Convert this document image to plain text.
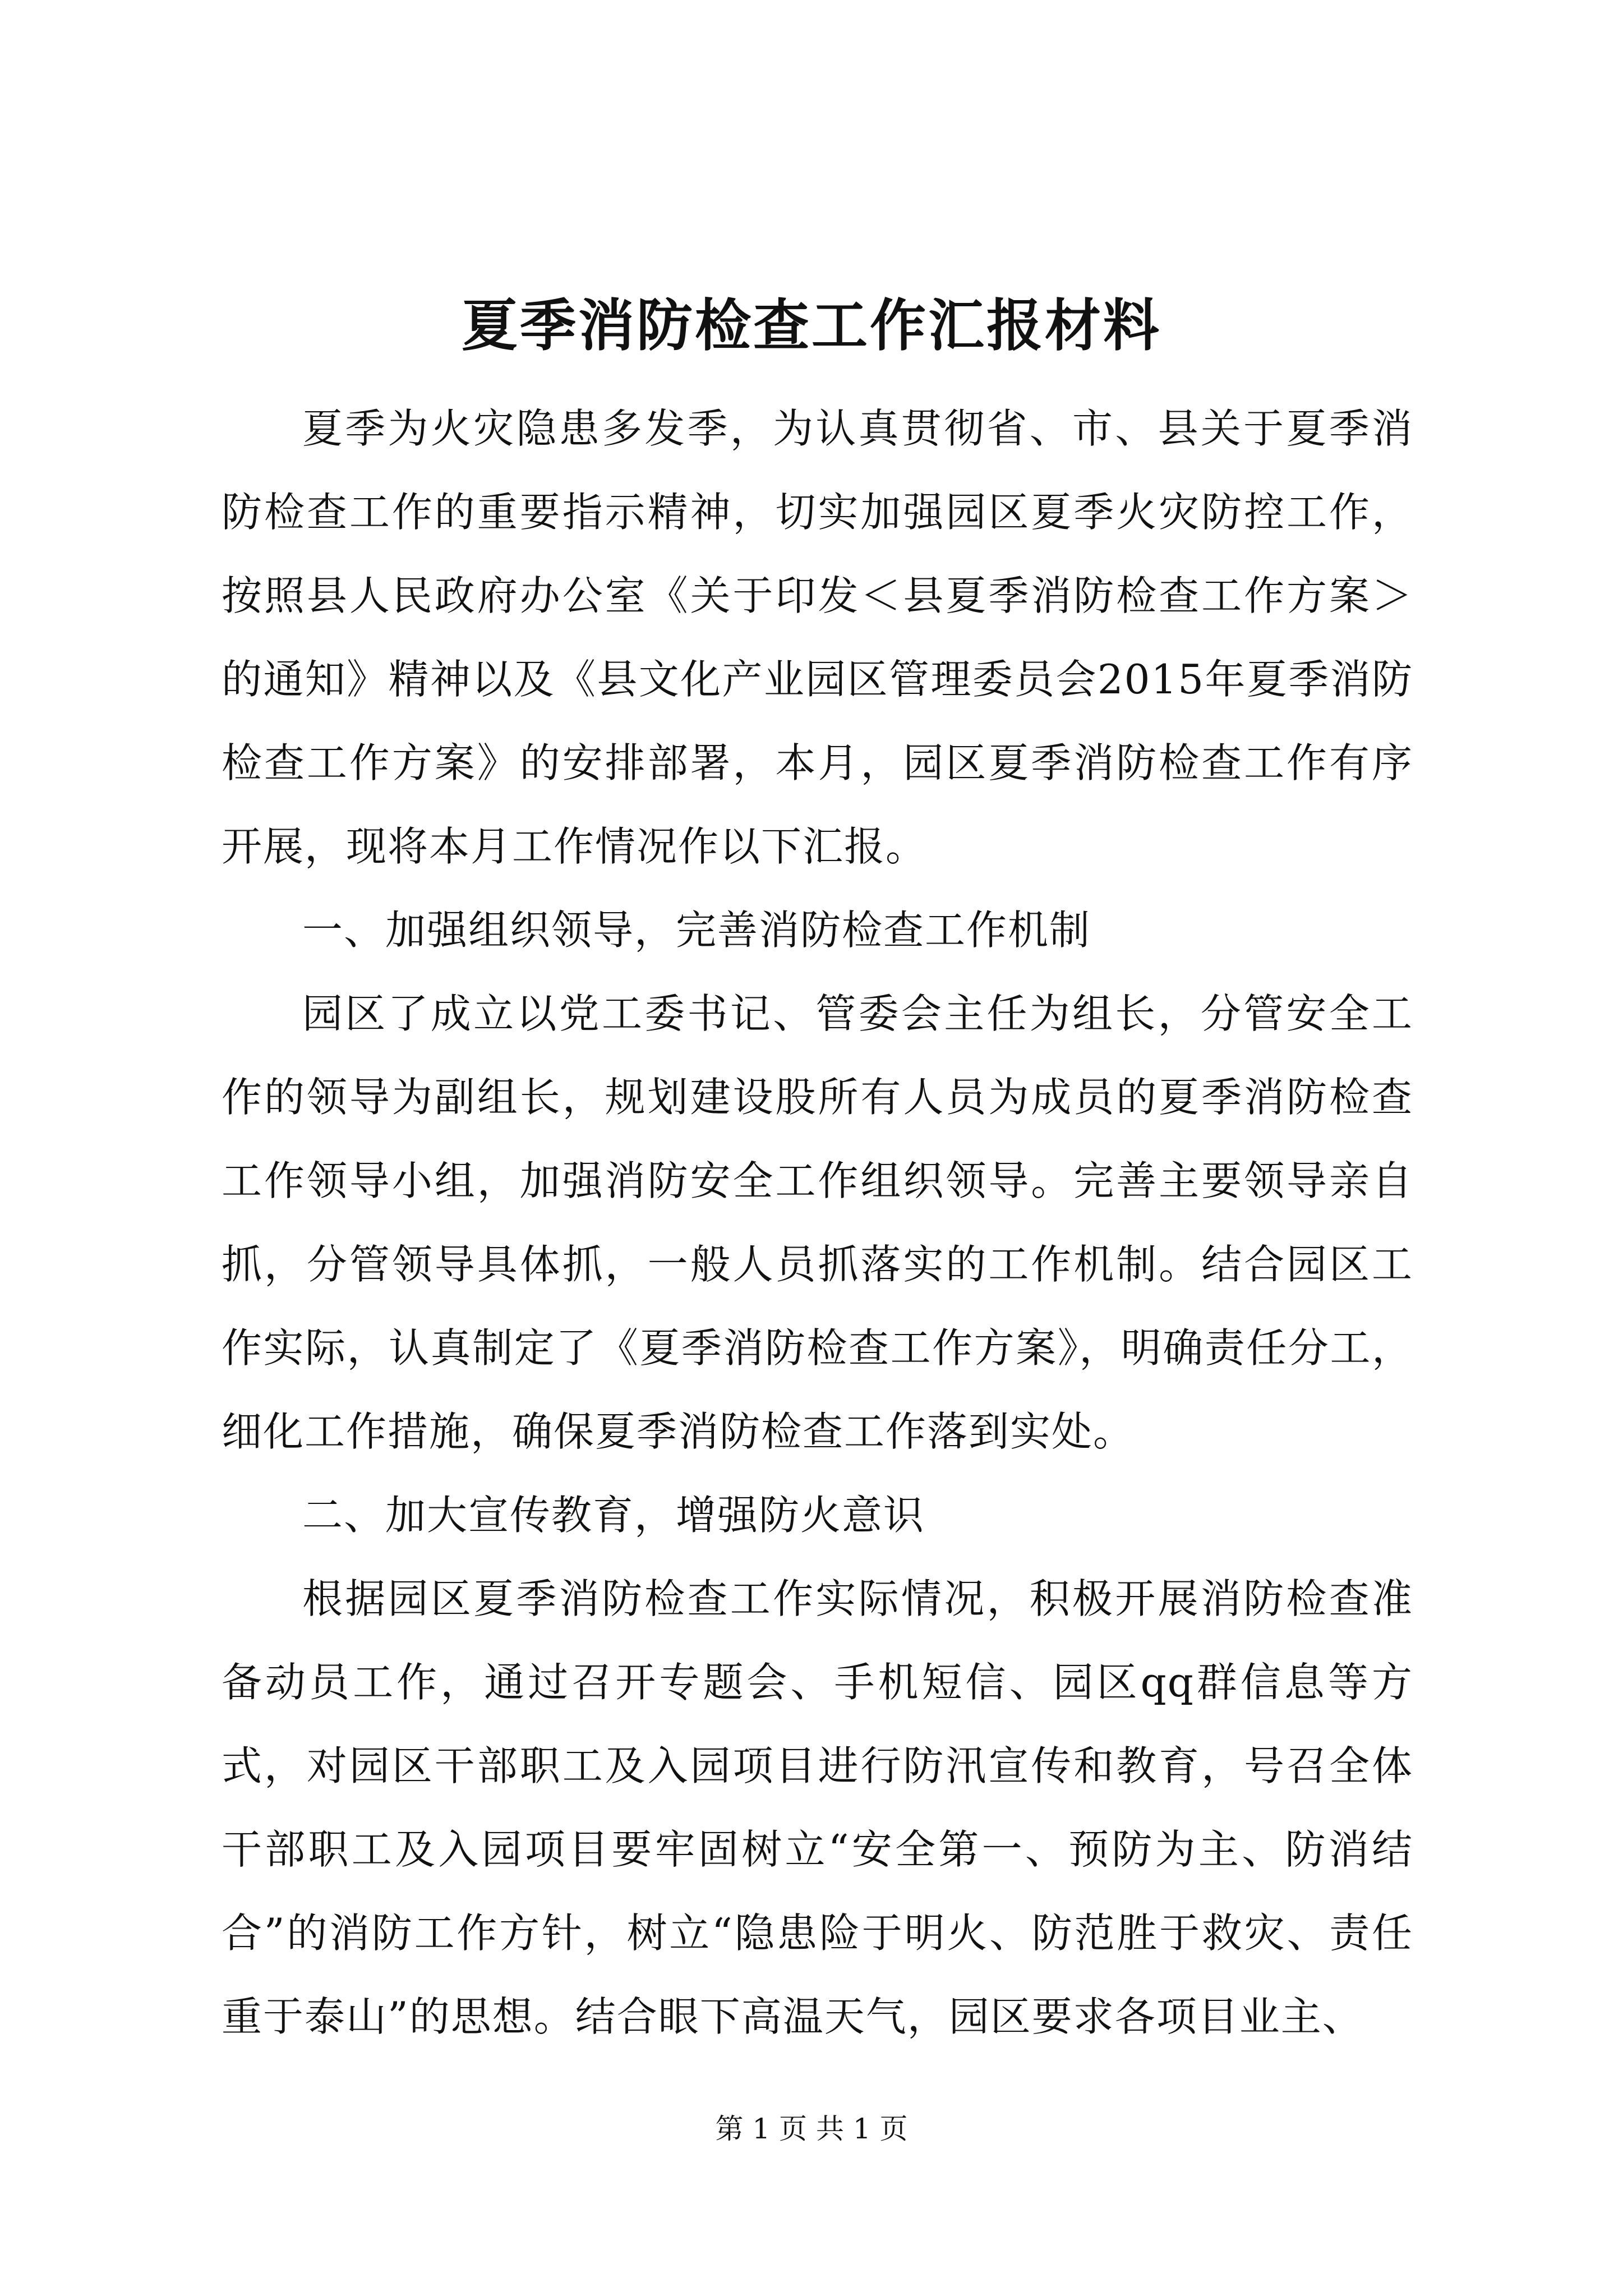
夏季消防检查工作汇报材料

夏季为火灾隐患多发季，为认真贯彻省、市、县关于夏季消防检查工作的重要指示精神，切实加强园区夏季火灾防控工作，按照县人民政府办公室《关于印发＜县夏季消防检查工作方案＞的通知》精神以及《县文化产业园区管理委员会2015年夏季消防检查工作方案》的安排部署，本月，园区夏季消防检查工作有序开展，现将本月工作情况作以下汇报。

一、加强组织领导，完善消防检查工作机制

园区了成立以党工委书记、管委会主任为组长，分管安全工作的领导为副组长，规划建设股所有人员为成员的夏季消防检查工作领导小组，加强消防安全工作组织领导。完善主要领导亲自抓，分管领导具体抓，一般人员抓落实的工作机制。结合园区工作实际，认真制定了《夏季消防检查工作方案》，明确责任分工，细化工作措施，确保夏季消防检查工作落到实处。

二、加大宣传教育，增强防火意识

根据园区夏季消防检查工作实际情况，积极开展消防检查准备动员工作，通过召开专题会、手机短信、园区qq群信息等方式，对园区干部职工及入园项目进行防汛宣传和教育，号召全体干部职工及入园项目要牢固树立“安全第一、预防为主、防消结合”的消防工作方针，树立“隐患险于明火、防范胜于救灾、责任重于泰山”的思想。结合眼下高温天气，园区要求各项目业主、

第 1 页 共 1 页
